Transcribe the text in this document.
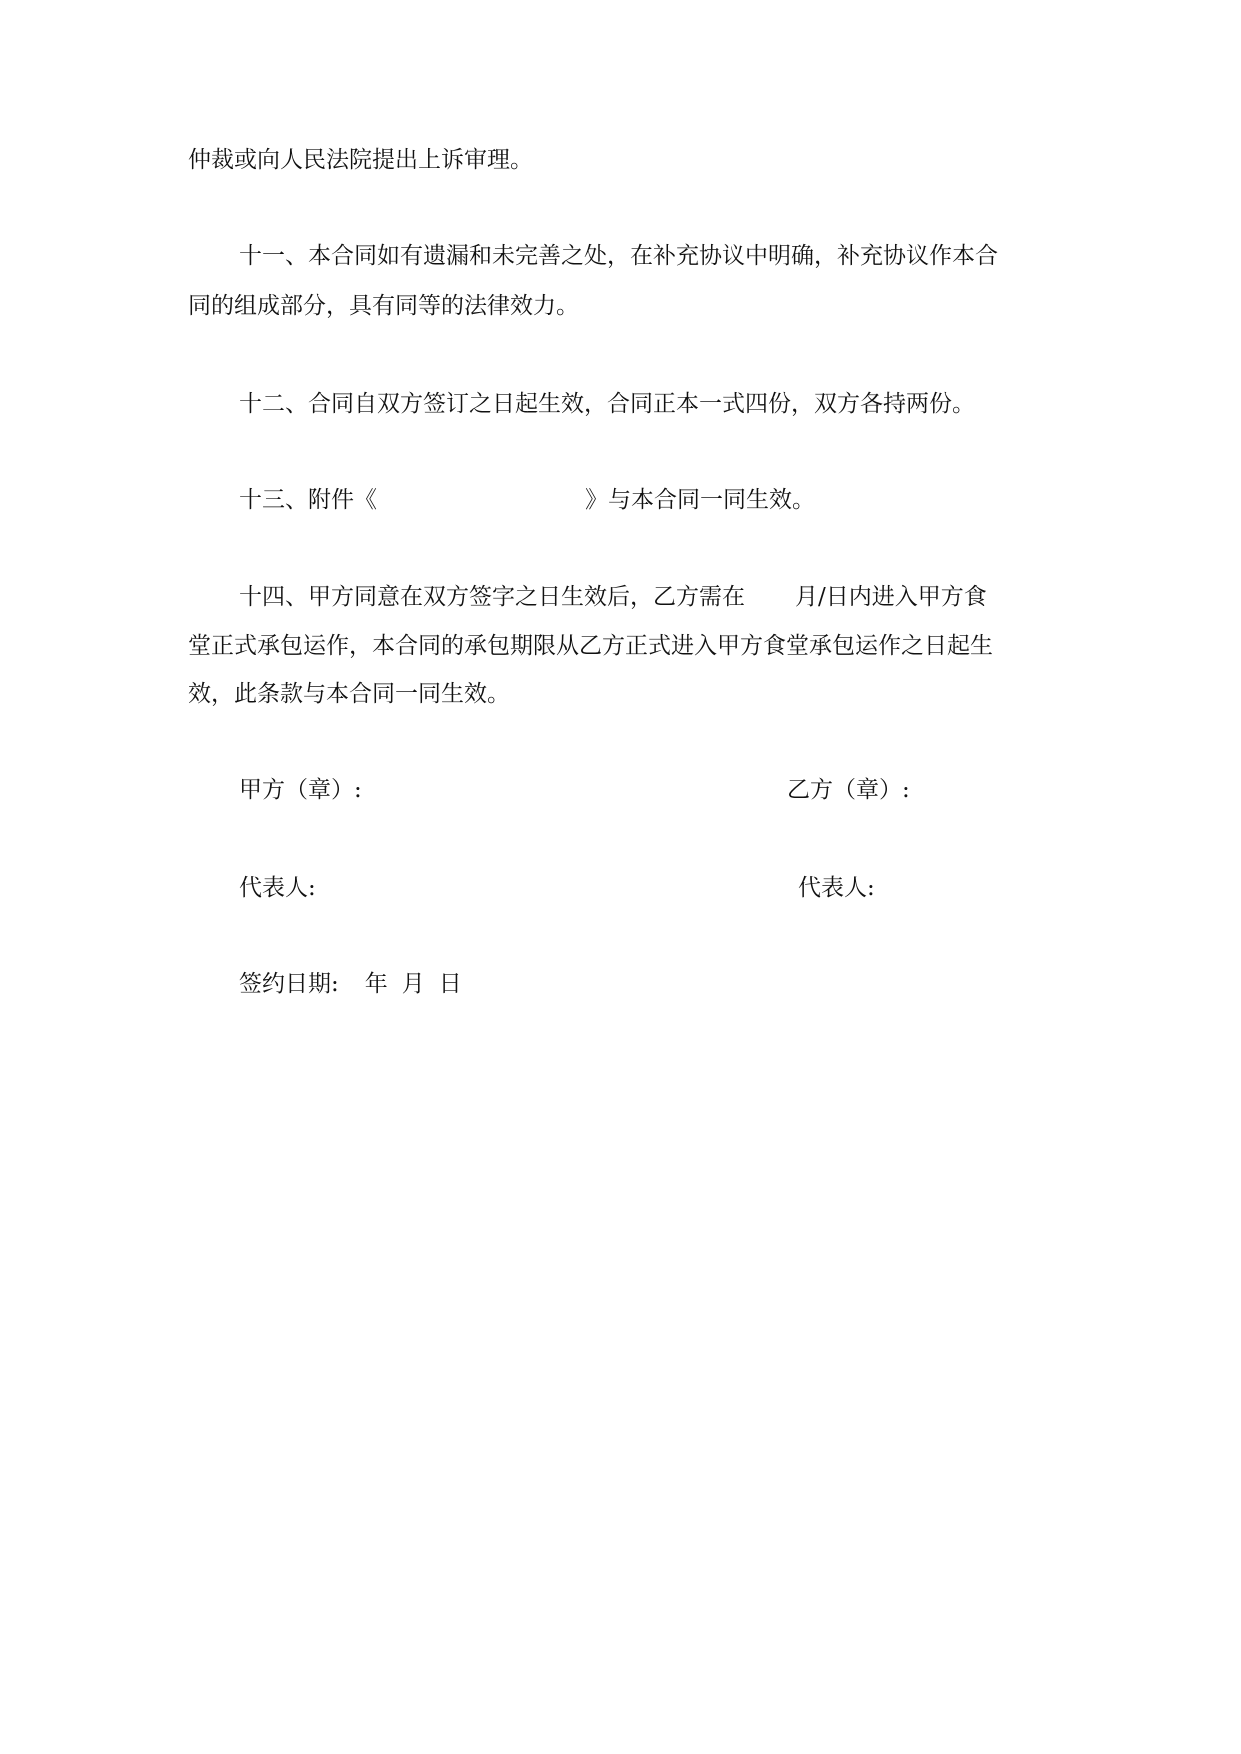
仲裁或向人民法院提出上诉审理。
十一、本合同如有遗漏和未完善之处，在补充协议中明确，补充协议作本合
同的组成部分，具有同等的法律效力。
十二、合同自双方签订之日起生效，合同正本一式四份，双方各持两份。
十三、附件《	》与本合同一同生效。
十四、甲方同意在双方签字之日生效后，乙方需在 月/日内进入甲方食
堂正式承包运作，本合同的承包期限从乙方正式进入甲方食堂承包运作之日起生
效，此条款与本合同一同生效。
甲方（章）:	乙方（章）:
代表人:	代表人:
签约日期: 年 月 日
